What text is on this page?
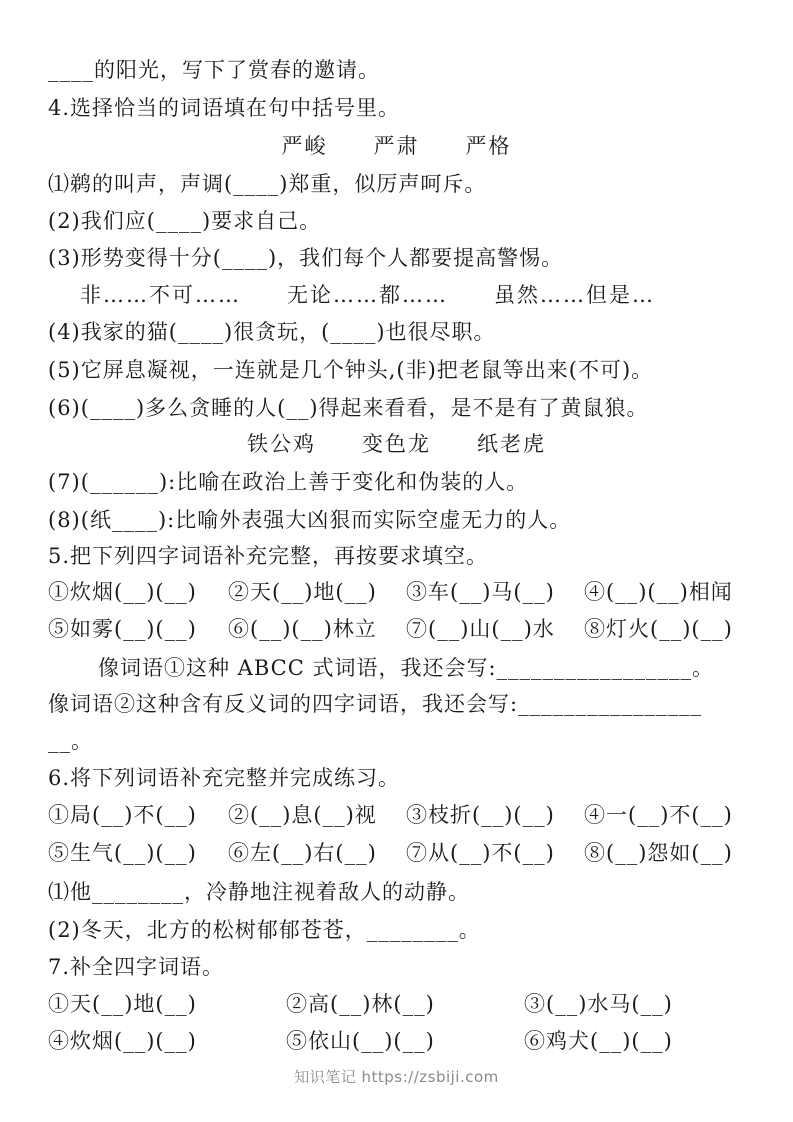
____的阳光，写下了赏春的邀请。
4.选择恰当的词语填在句中括号里。
严峻　　严肃　　严格
⑴鹈的叫声，声调(____)郑重，似厉声呵斥。
(2)我们应(____)要求自己。
(3)形势变得十分(____)，我们每个人都要提高警惕。
非……不可……　　无论……都……　　虽然……但是…
(4)我家的猫(____)很贪玩，(____)也很尽职。
(5)它屏息凝视，一连就是几个钟头,(非)把老鼠等出来(不可)。
(6)(____)多么贪睡的人(__)得起来看看，是不是有了黄鼠狼。
铁公鸡　　变色龙　　纸老虎
(7)(______):比喻在政治上善于变化和伪装的人。
(8)(纸____):比喻外表强大凶狠而实际空虚无力的人。
5.把下列四字词语补充完整，再按要求填空。
①炊烟(__)(__)	②天(__)地(__)	③车(__)马(__)	④(__)(__)相闻
⑤如雾(__)(__)	⑥(__)(__)林立	⑦(__)山(__)水	⑧灯火(__)(__)
像词语①这种 ABCC 式词语，我还会写:_________________。
像词语②这种含有反义词的四字词语，我还会写:________________
__。
6.将下列词语补充完整并完成练习。
①局(__)不(__)	②(__)息(__)视	③枝折(__)(__)	④一(__)不(__)
⑤生气(__)(__)	⑥左(__)右(__)	⑦从(__)不(__)	⑧(__)怨如(__)
⑴他________，冷静地注视着敌人的动静。
(2)冬天，北方的松树郁郁苍苍，________。
7.补全四字词语。
①天(__)地(__)	②高(__)林(__)	③(__)水马(__)
④炊烟(__)(__)	⑤依山(__)(__)	⑥鸡犬(__)(__)
知识笔记 https://zsbiji.com
